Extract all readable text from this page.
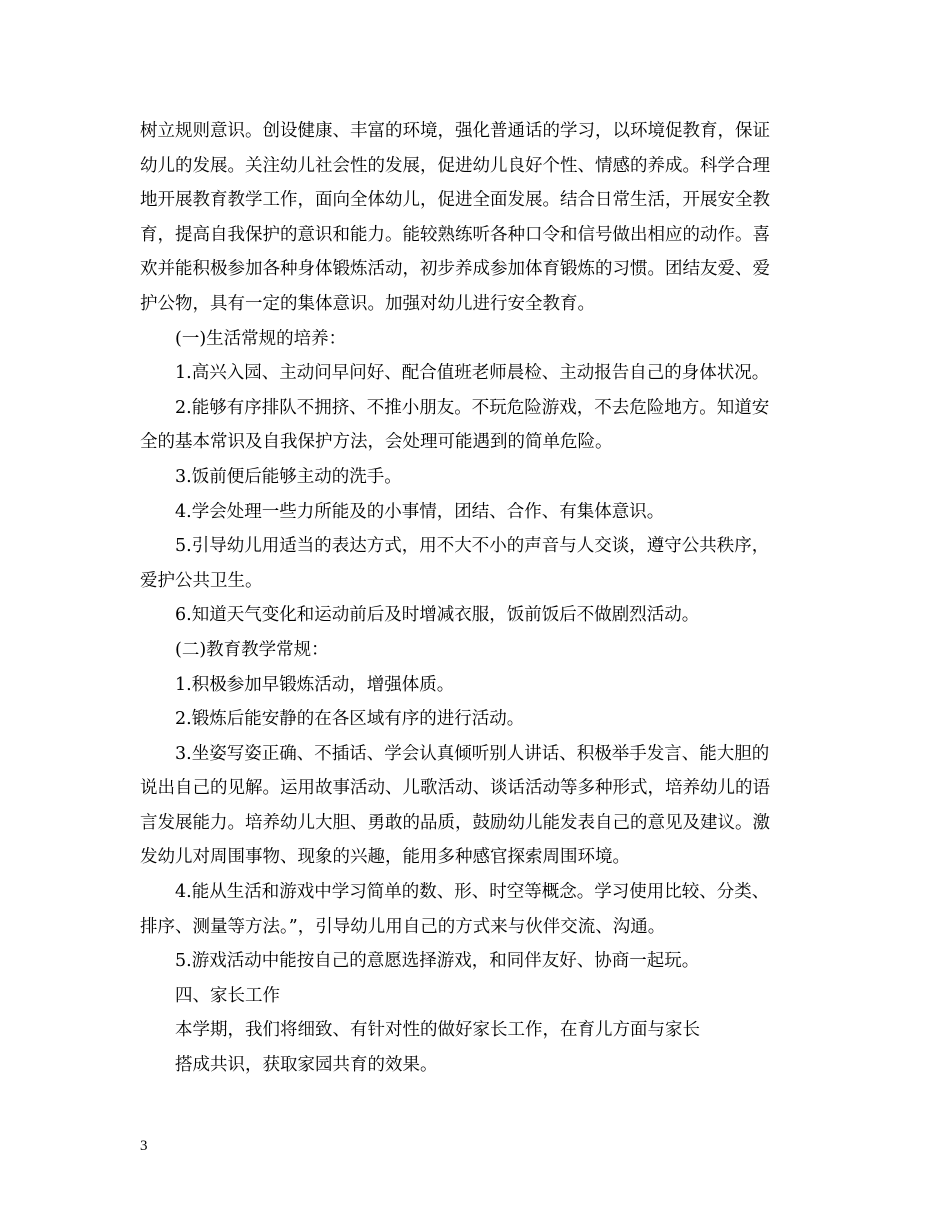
树立规则意识。创设健康、丰富的环境，强化普通话的学习，以环境促教育，保证

幼儿的发展。关注幼儿社会性的发展，促进幼儿良好个性、情感的养成。科学合理

地开展教育教学工作，面向全体幼儿，促进全面发展。结合日常生活，开展安全教

育，提高自我保护的意识和能力。能较熟练听各种口令和信号做出相应的动作。喜

欢并能积极参加各种身体锻炼活动，初步养成参加体育锻炼的习惯。团结友爱、爱

护公物，具有一定的集体意识。加强对幼儿进行安全教育。

(一)生活常规的培养：

1.高兴入园、主动问早问好、配合值班老师晨检、主动报告自己的身体状况。

2.能够有序排队不拥挤、不推小朋友。不玩危险游戏，不去危险地方。知道安

全的基本常识及自我保护方法，会处理可能遇到的简单危险。

3.饭前便后能够主动的洗手。

4.学会处理一些力所能及的小事情，团结、合作、有集体意识。

5.引导幼儿用适当的表达方式，用不大不小的声音与人交谈，遵守公共秩序，

爱护公共卫生。

6.知道天气变化和运动前后及时增减衣服，饭前饭后不做剧烈活动。

(二)教育教学常规：

1.积极参加早锻炼活动，增强体质。

2.锻炼后能安静的在各区域有序的进行活动。

3.坐姿写姿正确、不插话、学会认真倾听别人讲话、积极举手发言、能大胆的

说出自己的见解。运用故事活动、儿歌活动、谈话活动等多种形式，培养幼儿的语

言发展能力。培养幼儿大胆、勇敢的品质，鼓励幼儿能发表自己的意见及建议。激

发幼儿对周围事物、现象的兴趣，能用多种感官探索周围环境。

4.能从生活和游戏中学习简单的数、形、时空等概念。学习使用比较、分类、

排序、测量等方法。”，引导幼儿用自己的方式来与伙伴交流、沟通。

5.游戏活动中能按自己的意愿选择游戏，和同伴友好、协商一起玩。

四、家长工作

本学期，我们将细致、有针对性的做好家长工作，在育儿方面与家长

搭成共识，获取家园共育的效果。

3
